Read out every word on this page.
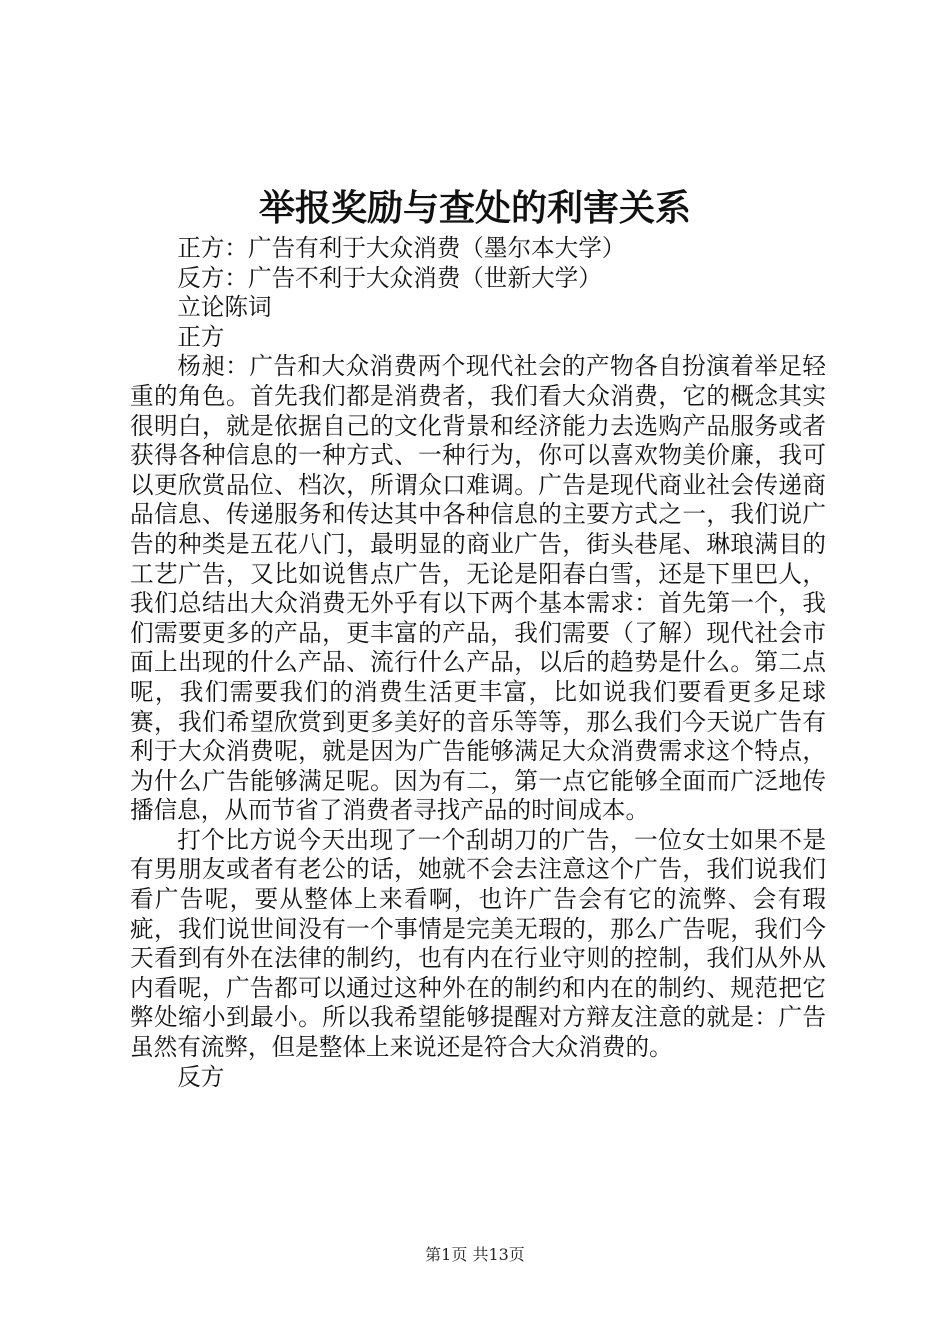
举报奖励与查处的利害关系

正方：广告有利于大众消费（墨尔本大学）

反方：广告不利于大众消费（世新大学）

立论陈词

正方

杨昶：广告和大众消费两个现代社会的产物各自扮演着举足轻重的角色。首先我们都是消费者，我们看大众消费，它的概念其实很明白，就是依据自己的文化背景和经济能力去选购产品服务或者获得各种信息的一种方式、一种行为，你可以喜欢物美价廉，我可以更欣赏品位、档次，所谓众口难调。广告是现代商业社会传递商品信息、传递服务和传达其中各种信息的主要方式之一，我们说广告的种类是五花八门，最明显的商业广告，街头巷尾、琳琅满目的工艺广告，又比如说售点广告，无论是阳春白雪，还是下里巴人，我们总结出大众消费无外乎有以下两个基本需求：首先第一个，我们需要更多的产品，更丰富的产品，我们需要（了解）现代社会市面上出现的什么产品、流行什么产品，以后的趋势是什么。第二点呢，我们需要我们的消费生活更丰富，比如说我们要看更多足球赛，我们希望欣赏到更多美好的音乐等等，那么我们今天说广告有利于大众消费呢，就是因为广告能够满足大众消费需求这个特点，为什么广告能够满足呢。因为有二，第一点它能够全面而广泛地传播信息，从而节省了消费者寻找产品的时间成本。

打个比方说今天出现了一个刮胡刀的广告，一位女士如果不是有男朋友或者有老公的话，她就不会去注意这个广告，我们说我们看广告呢，要从整体上来看啊，也许广告会有它的流弊、会有瑕疵，我们说世间没有一个事情是完美无瑕的，那么广告呢，我们今天看到有外在法律的制约，也有内在行业守则的控制，我们从外从内看呢，广告都可以通过这种外在的制约和内在的制约、规范把它弊处缩小到最小。所以我希望能够提醒对方辩友注意的就是：广告虽然有流弊，但是整体上来说还是符合大众消费的。

反方

第1页 共13页
